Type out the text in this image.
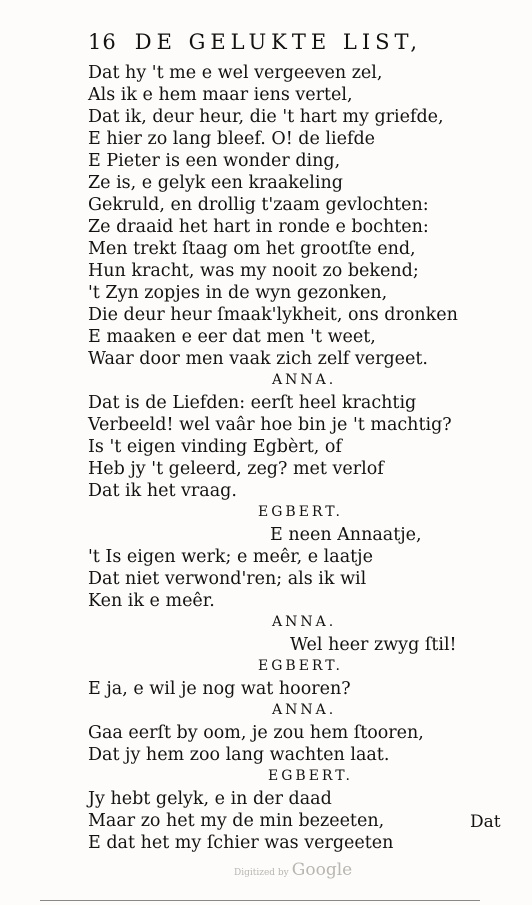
16 DE GELUKTE LIST,
Dat hy 't me e wel vergeeven zel,
Als ik e hem maar iens vertel,
Dat ik, deur heur, die 't hart my griefde,
E hier zo lang bleef. O! de liefde
E Pieter is een wonder ding,
Ze is, e gelyk een kraakeling
Gekruld, en drollig t'zaam gevlochten:
Ze draaid het hart in ronde e bochten:
Men trekt ſtaag om het grootſte end,
Hun kracht, was my nooit zo bekend;
't Zyn zopjes in de wyn gezonken,
Die deur heur ſmaak'lykheit, ons dronken
E maaken e eer dat men 't weet,
Waar door men vaak zich zelf vergeet.
ANNA.
Dat is de Liefden: eerſt heel krachtig
Verbeeld! wel vaâr hoe bin je 't machtig?
Is 't eigen vinding Egbèrt, of
Heb jy 't geleerd, zeg? met verlof
Dat ik het vraag.
EGBERT.
E neen Annaatje,
't Is eigen werk; e meêr, e laatje
Dat niet verwond'ren; als ik wil
Ken ik e meêr.
ANNA.
Wel heer zwyg ſtil!
EGBERT.
E ja, e wil je nog wat hooren?
ANNA.
Gaa eerſt by oom, je zou hem ſtooren,
Dat jy hem zoo lang wachten laat.
EGBERT.
Jy hebt gelyk, e in der daad
Maar zo het my de min bezeeten,
E dat het my ſchier was vergeeten
Dat
Digitized by Google
